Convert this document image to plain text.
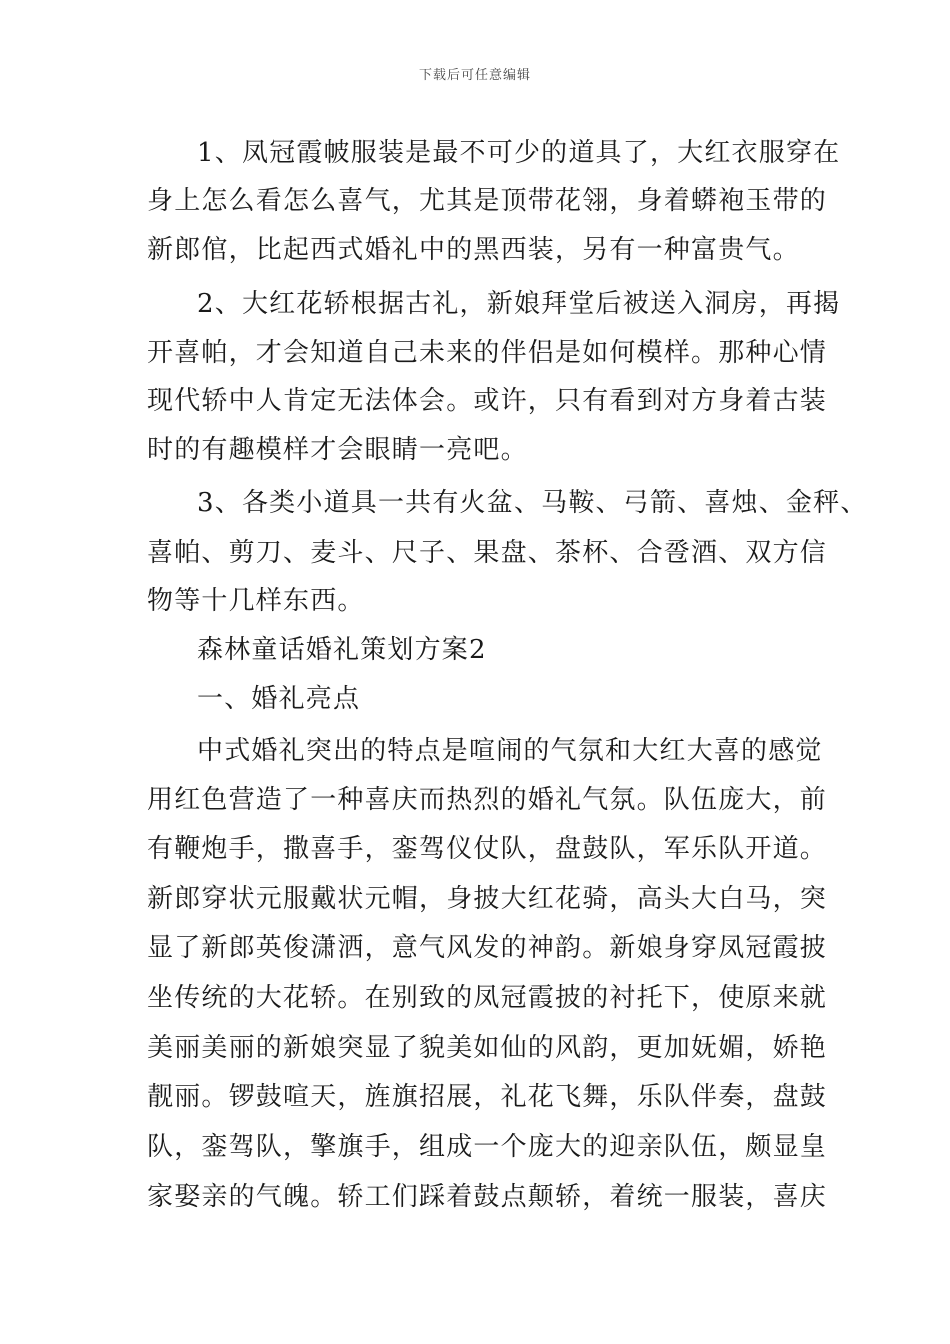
下载后可任意编辑
1、凤冠霞帔服装是最不可少的道具了，大红衣服穿在
身上怎么看怎么喜气，尤其是顶带花翎，身着蟒袍玉带的
新郎倌，比起西式婚礼中的黑西装，另有一种富贵气。
2、大红花轿根据古礼，新娘拜堂后被送入洞房，再揭
开喜帕，才会知道自己未来的伴侣是如何模样。那种心情
现代轿中人肯定无法体会。或许，只有看到对方身着古装
时的有趣模样才会眼睛一亮吧。
3、各类小道具一共有火盆、马鞍、弓箭、喜烛、金秤、
喜帕、剪刀、麦斗、尺子、果盘、茶杯、合卺酒、双方信
物等十几样东西。
森林童话婚礼策划方案2
一、婚礼亮点
中式婚礼突出的特点是喧闹的气氛和大红大喜的感觉
用红色营造了一种喜庆而热烈的婚礼气氛。队伍庞大，前
有鞭炮手，撒喜手，銮驾仪仗队，盘鼓队，军乐队开道。
新郎穿状元服戴状元帽，身披大红花骑，高头大白马，突
显了新郎英俊潇洒，意气风发的神韵。新娘身穿凤冠霞披
坐传统的大花轿。在别致的凤冠霞披的衬托下，使原来就
美丽美丽的新娘突显了貌美如仙的风韵，更加妩媚，娇艳
靓丽。锣鼓喧天，旌旗招展，礼花飞舞，乐队伴奏，盘鼓
队，銮驾队，擎旗手，组成一个庞大的迎亲队伍，颇显皇
家娶亲的气魄。轿工们踩着鼓点颠轿，着统一服装，喜庆
